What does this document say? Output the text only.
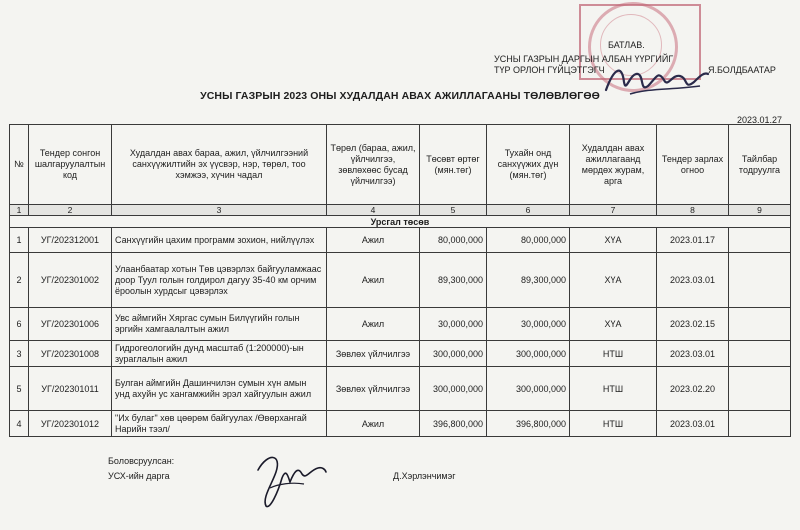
БАТЛАВ.
УСНЫ ГАЗРЫН ДАРГЫН АЛБАН ҮҮРГИЙГ
ТҮР ОРЛОН ГҮЙЦЭТГЭГЧ	Я.БОЛДБААТАР
УСНЫ ГАЗРЫН 2023 ОНЫ ХУДАЛДАН АВАХ АЖИЛЛАГААНЫ ТӨЛӨВЛӨГӨӨ
2023.01.27
№	Тендер сонгон шалгаруулалтын код	Худалдан авах бараа, ажил, үйлчилгээний санхүүжилтийн эх үүсвэр, нэр, төрөл, тоо хэмжээ, хүчин чадал	Төрөл (бараа, ажил, үйлчилгээ, зөвлөхөөс бусад үйлчилгээ)	Төсөвт өртөг (мян.төг)	Тухайн онд санхүүжих дүн (мян.төг)	Худалдан авах ажиллагаанд мөрдөх журам, арга	Тендер зарлах огноо	Тайлбар тодруулга
1	2	3	4	5	6	7	8	9
Урсгал төсөв								
1	УГ/202312001	Санхүүгийн цахим программ зохион, нийлүүлэх	Ажил	80,000,000	80,000,000	ХҮА	2023.01.17	
2	УГ/202301002	Улаанбаатар хотын Төв цэвэрлэх байгууламжаас доор Туул голын голдирол дагуу 35-40 км орчим ёроолын хурдсыг цэвэрлэх	Ажил	89,300,000	89,300,000	ХҮА	2023.03.01	
6	УГ/202301006	Увс аймгийн Хяргас сумын Билүүгийн голын эргийн хамгаалалтын ажил	Ажил	30,000,000	30,000,000	ХҮА	2023.02.15	
3	УГ/202301008	Гидрогеологийн дунд масштаб (1:200000)-ын зураглалын ажил	Зөвлөх үйлчилгээ	300,000,000	300,000,000	НТШ	2023.03.01	
5	УГ/202301011	Булган аймгийн Дашинчилэн сумын хүн амын унд ахуйн ус хангамжийн эрэл хайгуулын ажил	Зөвлөх үйлчилгээ	300,000,000	300,000,000	НТШ	2023.02.20	
4	УГ/202301012	"Их булаг" хөв цөөрөм байгуулах /Өвөрхангай Нарийн тээл/	Ажил	396,800,000	396,800,000	НТШ	2023.03.01	
Боловсруулсан:
УСХ-ийн дарга	Д.Хэрлэнчимэг
